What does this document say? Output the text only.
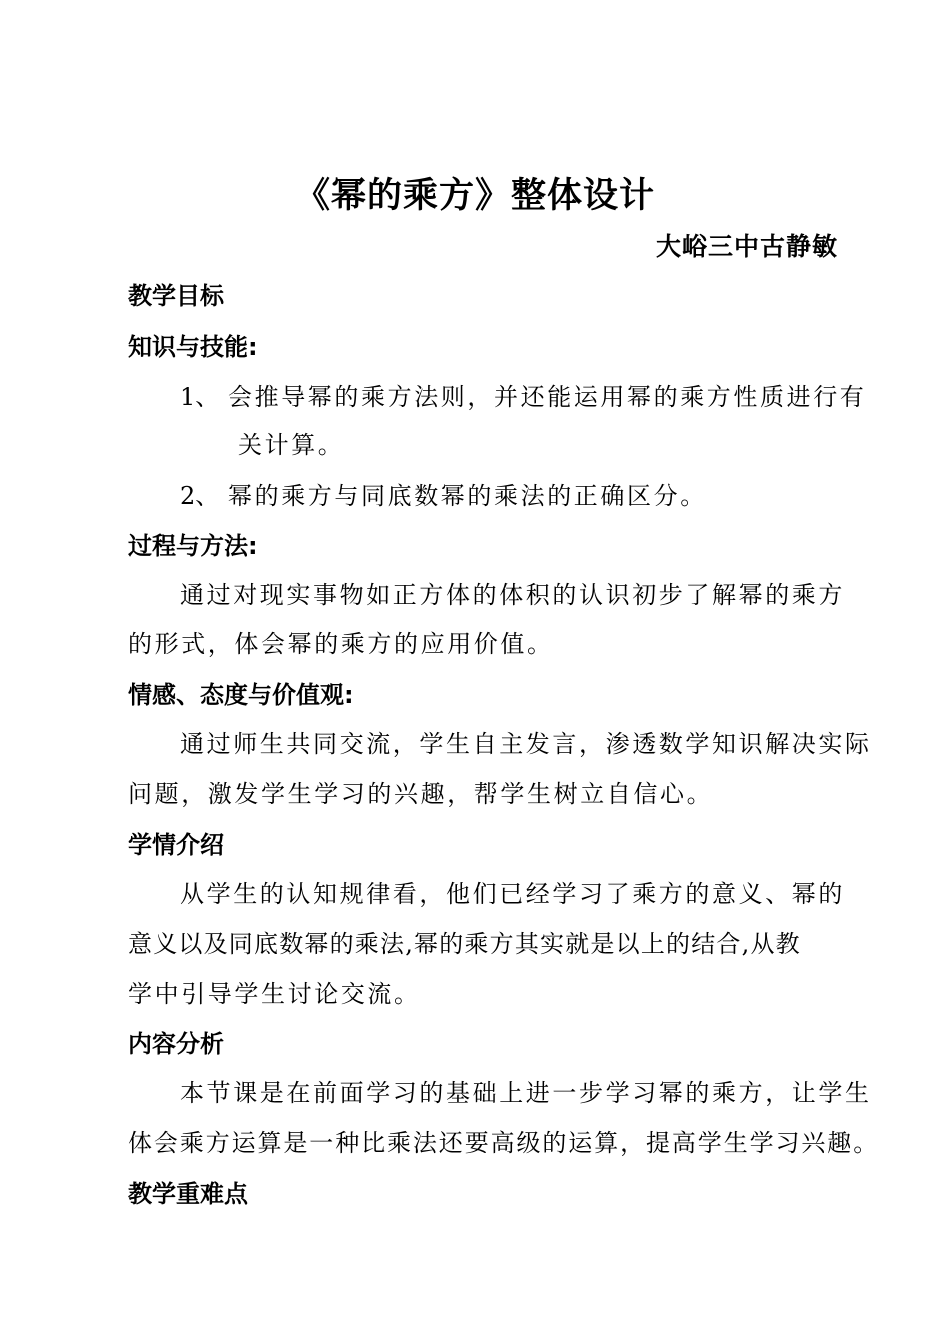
《幂的乘方》整体设计
大峪三中古静敏
教学目标
知识与技能:
1、 会推导幂的乘方法则，并还能运用幂的乘方性质进行有
关计算。
2、 幂的乘方与同底数幂的乘法的正确区分。
过程与方法:
通过对现实事物如正方体的体积的认识初步了解幂的乘方
的形式，体会幂的乘方的应用价值。
情感、态度与价值观:
通过师生共同交流，学生自主发言，渗透数学知识解决实际
问题，激发学生学习的兴趣，帮学生树立自信心。
学情介绍
从学生的认知规律看，他们已经学习了乘方的意义、幂的
意义以及同底数幂的乘法,幂的乘方其实就是以上的结合,从教
学中引导学生讨论交流。
内容分析
本节课是在前面学习的基础上进一步学习幂的乘方，让学生
体会乘方运算是一种比乘法还要高级的运算，提高学生学习兴趣。
教学重难点
